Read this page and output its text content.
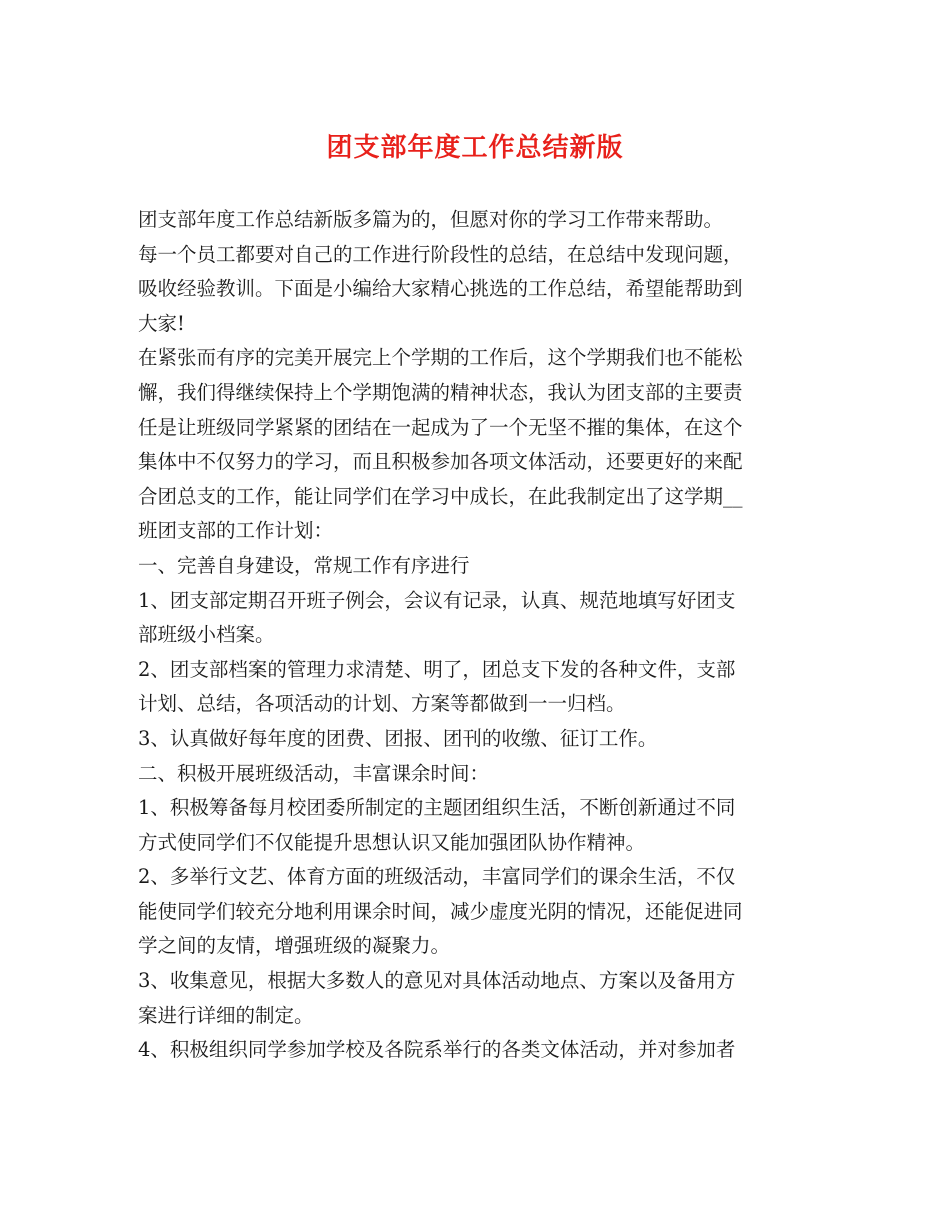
团支部年度工作总结新版
团支部年度工作总结新版多篇为的，但愿对你的学习工作带来帮助。
每一个员工都要对自己的工作进行阶段性的总结，在总结中发现问题，
吸收经验教训。下面是小编给大家精心挑选的工作总结，希望能帮助到
大家!
在紧张而有序的完美开展完上个学期的工作后，这个学期我们也不能松
懈，我们得继续保持上个学期饱满的精神状态，我认为团支部的主要责
任是让班级同学紧紧的团结在一起成为了一个无坚不摧的集体，在这个
集体中不仅努力的学习，而且积极参加各项文体活动，还要更好的来配
合团总支的工作，能让同学们在学习中成长，在此我制定出了这学期__
班团支部的工作计划：
一、完善自身建设，常规工作有序进行
1、团支部定期召开班子例会，会议有记录，认真、规范地填写好团支
部班级小档案。
2、团支部档案的管理力求清楚、明了，团总支下发的各种文件，支部
计划、总结，各项活动的计划、方案等都做到一一归档。
3、认真做好每年度的团费、团报、团刊的收缴、征订工作。
二、积极开展班级活动，丰富课余时间：
1、积极筹备每月校团委所制定的主题团组织生活，不断创新通过不同
方式使同学们不仅能提升思想认识又能加强团队协作精神。
2、多举行文艺、体育方面的班级活动，丰富同学们的课余生活，不仅
能使同学们较充分地利用课余时间，减少虚度光阴的情况，还能促进同
学之间的友情，增强班级的凝聚力。
3、收集意见，根据大多数人的意见对具体活动地点、方案以及备用方
案进行详细的制定。
4、积极组织同学参加学校及各院系举行的各类文体活动，并对参加者
